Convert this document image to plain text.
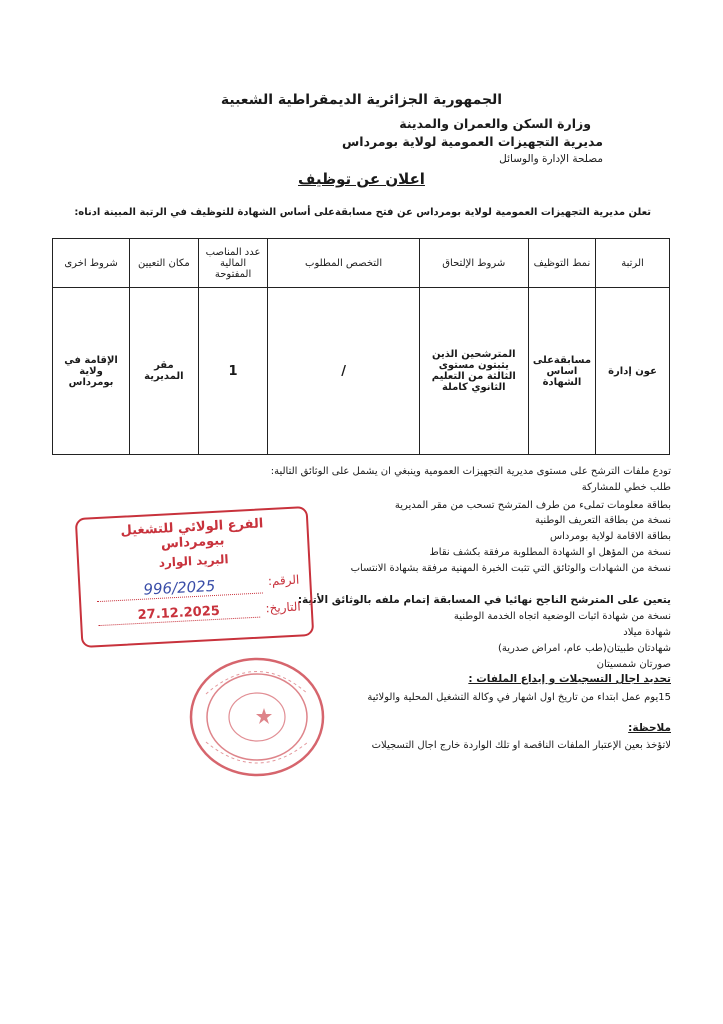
الجمهورية الجزائرية الديمقراطية الشعبية
وزارة السكن والعمران والمدينة
مديرية التجهيزات العمومية لولاية بومرداس
مصلحة الإدارة والوسائل
اعلان عن توظيف
تعلن مديرية التجهيزات العمومية لولاية بومرداس عن فتح مسابقةعلى أساس الشهادة للتوظيف في الرتبة المبينة ادناه:
الرتبة	نمط التوظيف	شروط الإلتحاق	التخصص المطلوب	عدد المناصب المالية المفتوحة	مكان التعيين	شروط اخرى
عون إدارة	مسابقةعلى اساس الشهادة	المترشحين الذين يثبتون مستوى الثالثة من التعليم الثانوي كاملة	/	1	مقر المديرية	الإقامة في ولاية بومرداس
تودع ملفات الترشح على مستوى مديرية التجهيزات العمومية وينبغي ان يشمل على الوثائق التالية:
طلب خطي للمشاركة
بطاقة معلومات تملىء من طرف المترشح تسحب من مقر المديرية
نسخة من بطاقة التعريف الوطنية
بطاقة الاقامة لولاية بومرداس
نسخة من المؤهل او الشهادة المطلوبة مرفقة بكشف نقاط
نسخة من الشهادات والوثائق التي تثبت الخبرة المهنية مرفقة بشهادة الانتساب
يتعين على المترشح الناجح نهائيا في المسابقة إتمام ملفه بالوثائق الأتية:
نسخة من شهادة اثبات الوضعية اتجاه الخدمة الوطنية
شهادة ميلاد
شهادتان طبيتان(طب عام، امراض صدرية)
صورتان شمسيتان
تحديد اجال التسجيلات و إيداع الملفات :
15يوم عمل ابتداء من تاريخ اول اشهار في وكالة التشغيل المحلية والولائية
ملاحظة:
لاتؤخذ بعين الإعتبار الملفات الناقصة او تلك الواردة خارج اجال التسجيلات
الفرع الولائي للتشغيل ببومرداس
البريد الوارد
الرقم:
996/2025
التاريخ:
27.12.2025
